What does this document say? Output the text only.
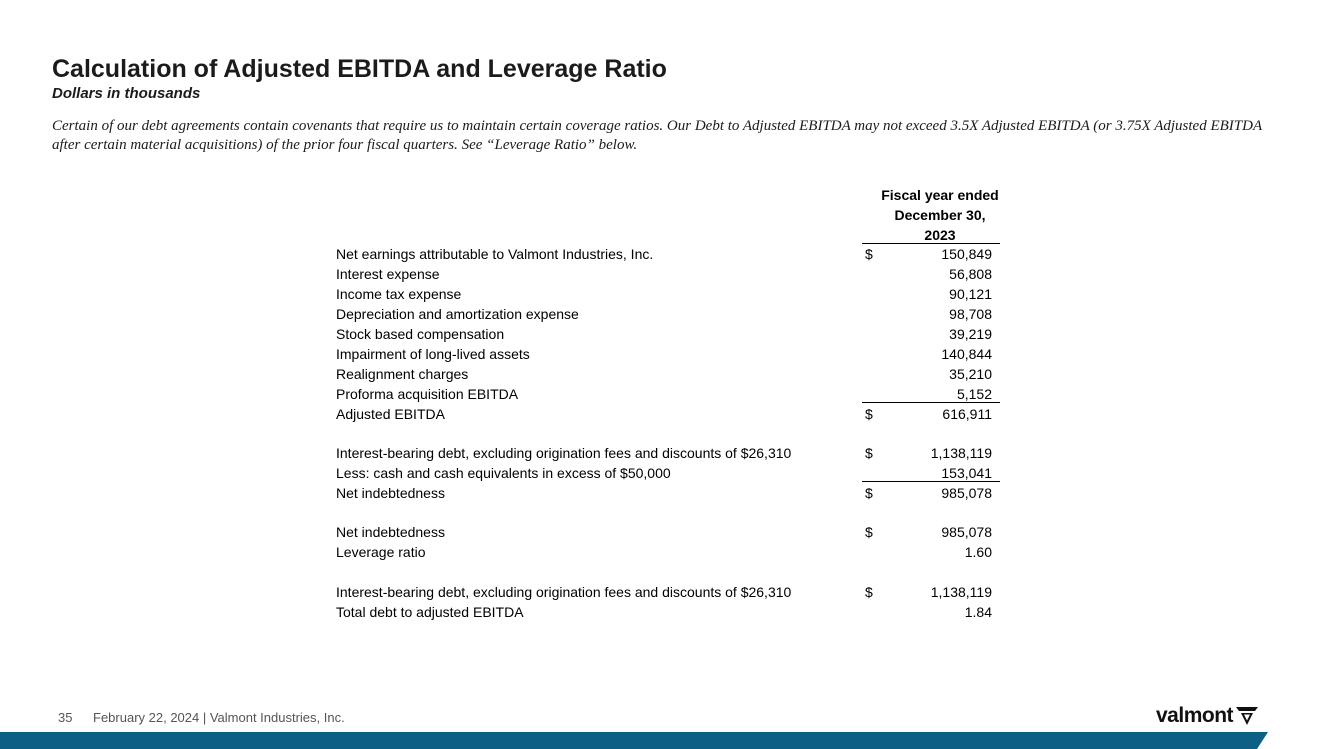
Calculation of Adjusted EBITDA and Leverage Ratio
Dollars in thousands
Certain of our debt agreements contain covenants that require us to maintain certain coverage ratios. Our Debt to Adjusted EBITDA may not exceed 3.5X Adjusted EBITDA (or 3.75X Adjusted EBITDA after certain material acquisitions) of the prior four fiscal quarters. See “Leverage Ratio” below.
Fiscal year ended
December 30,
2023
Net earnings attributable to Valmont Industries, Inc.	$	150,849
Interest expense	56,808
Income tax expense	90,121
Depreciation and amortization expense	98,708
Stock based compensation	39,219
Impairment of long-lived assets	140,844
Realignment charges	35,210
Proforma acquisition EBITDA	5,152
Adjusted EBITDA	$	616,911
Interest-bearing debt, excluding origination fees and discounts of $26,310	$	1,138,119
Less: cash and cash equivalents in excess of $50,000	153,041
Net indebtedness	$	985,078
Net indebtedness	$	985,078
Leverage ratio	1.60
Interest-bearing debt, excluding origination fees and discounts of $26,310	$	1,138,119
Total debt to adjusted EBITDA	1.84
35 February 22, 2024 | Valmont Industries, Inc.	valmont
